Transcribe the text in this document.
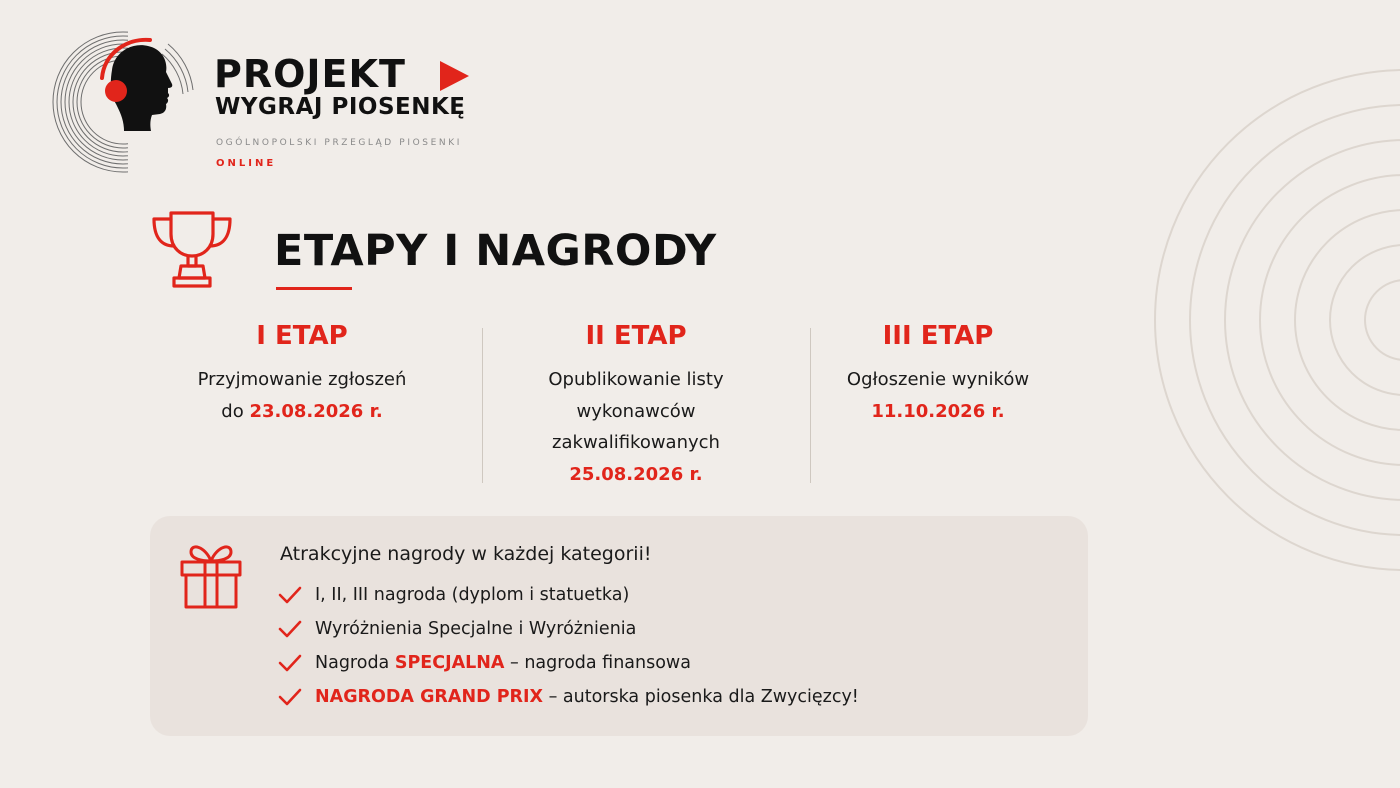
PROJEKT
WYGRAJ PIOSENKĘ
OGÓLNOPOLSKI PRZEGLĄD PIOSENKI
ONLINE
ETAPY I NAGRODY
I ETAP
Przyjmowanie zgłoszeń
do 23.08.2026 r.
II ETAP
Opublikowanie listy
wykonawców
zakwalifikowanych
25.08.2026 r.
III ETAP
Ogłoszenie wyników
11.10.2026 r.
Atrakcyjne nagrody w każdej kategorii!
I, II, III nagroda (dyplom i statuetka)
Wyróżnienia Specjalne i Wyróżnienia
Nagroda SPECJALNA – nagroda finansowa
NAGRODA GRAND PRIX – autorska piosenka dla Zwycięzcy!
